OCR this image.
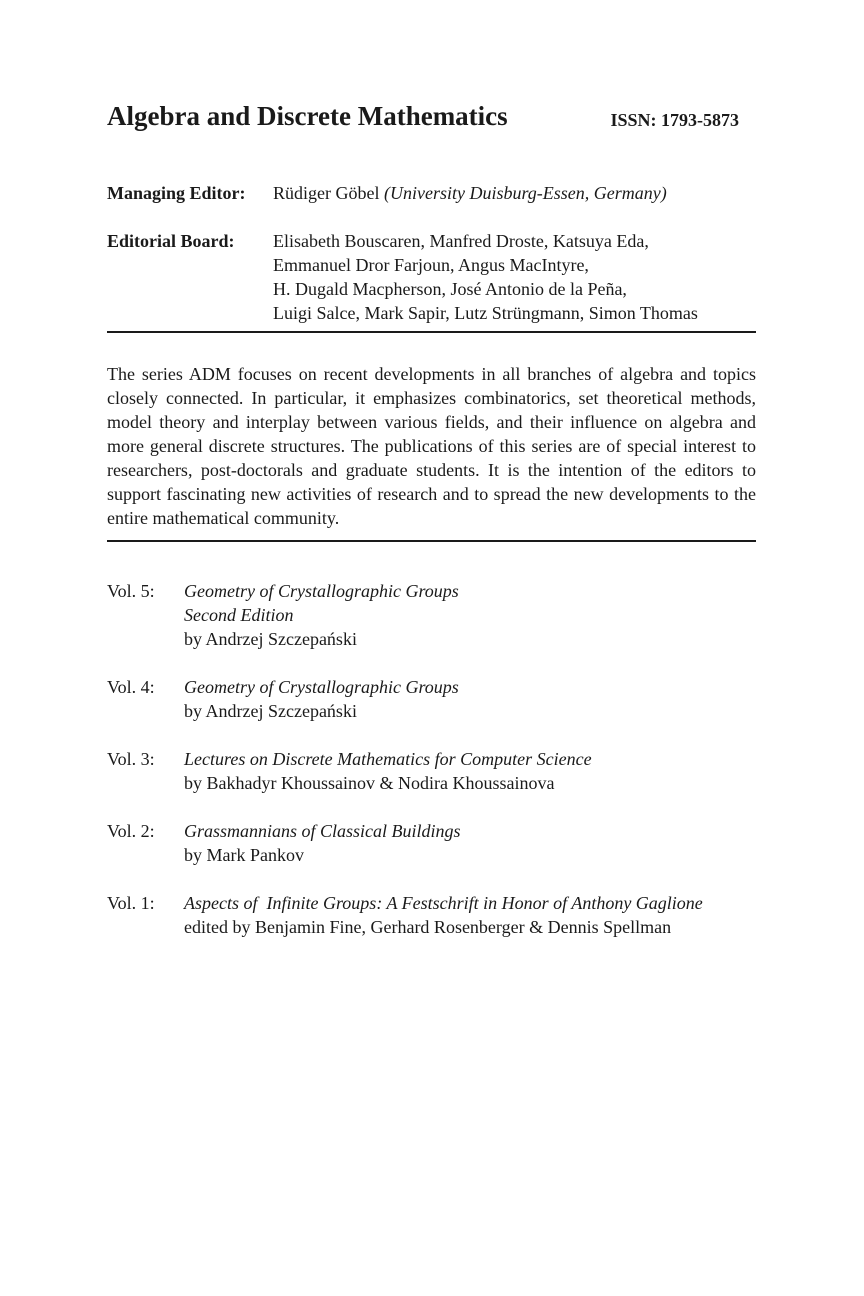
Algebra and Discrete Mathematics	ISSN: 1793-5873
Managing Editor: Rüdiger Göbel (University Duisburg-Essen, Germany)
Editorial Board: Elisabeth Bouscaren, Manfred Droste, Katsuya Eda,
Emmanuel Dror Farjoun, Angus MacIntyre,
H. Dugald Macpherson, José Antonio de la Peña,
Luigi Salce, Mark Sapir, Lutz Strüngmann, Simon Thomas

The series ADM focuses on recent developments in all branches of algebra and topics closely connected. In particular, it emphasizes combinatorics, set theoretical methods, model theory and interplay between various fields, and their influence on algebra and more general discrete structures. The publications of this series are of special interest to researchers, post-doctorals and graduate students. It is the intention of the editors to support fascinating new activities of research and to spread the new developments to the entire mathematical community.

Vol. 5: Geometry of Crystallographic Groups
Second Edition
by Andrzej Szczepański
Vol. 4: Geometry of Crystallographic Groups
by Andrzej Szczepański
Vol. 3: Lectures on Discrete Mathematics for Computer Science
by Bakhadyr Khoussainov & Nodira Khoussainova
Vol. 2: Grassmannians of Classical Buildings
by Mark Pankov
Vol. 1: Aspects of  Infinite Groups: A Festschrift in Honor of Anthony Gaglione
edited by Benjamin Fine, Gerhard Rosenberger & Dennis Spellman
